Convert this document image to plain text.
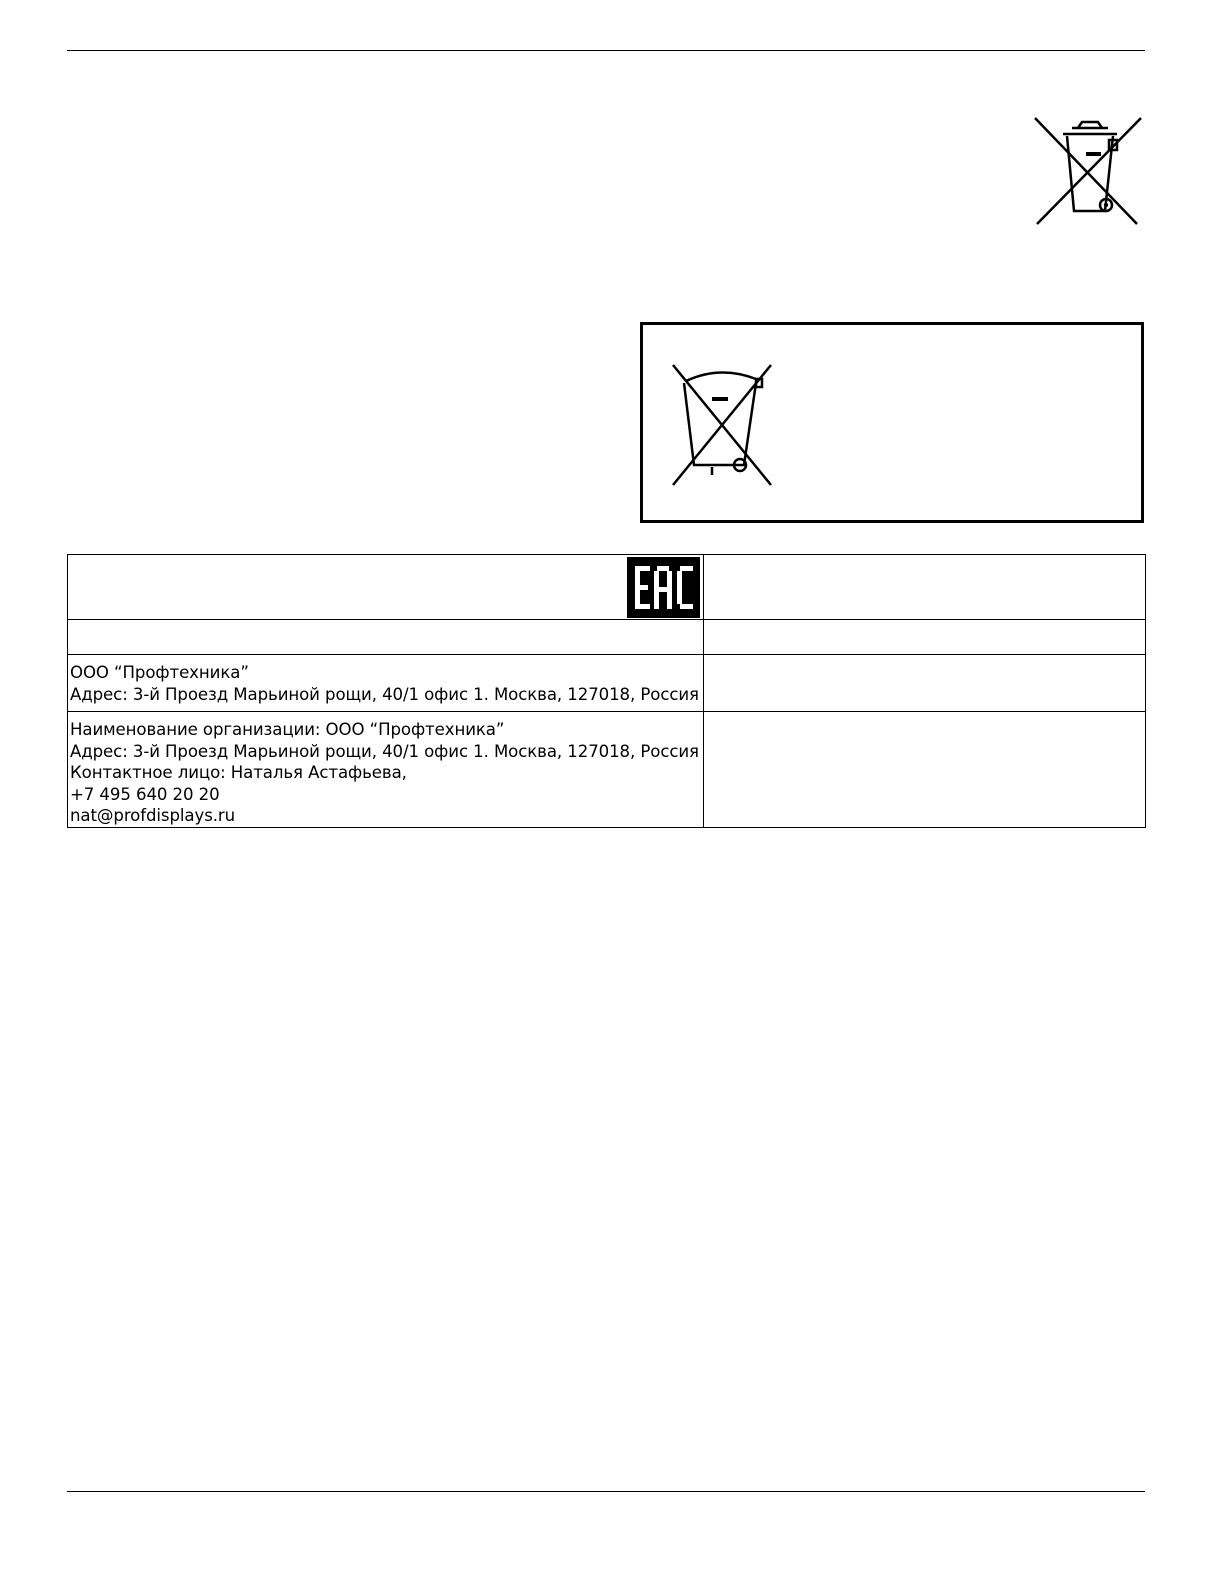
ООО “Профтехника”
Адрес: 3-й Проезд Марьиной рощи, 40/1 офис 1. Москва, 127018, Россия	

Наименование организации: ООО “Профтехника”
Адрес: 3-й Проезд Марьиной рощи, 40/1 офис 1. Москва, 127018, Россия
Контактное лицо: Наталья Астафьева,
+7 495 640 20 20
nat@profdisplays.ru	
